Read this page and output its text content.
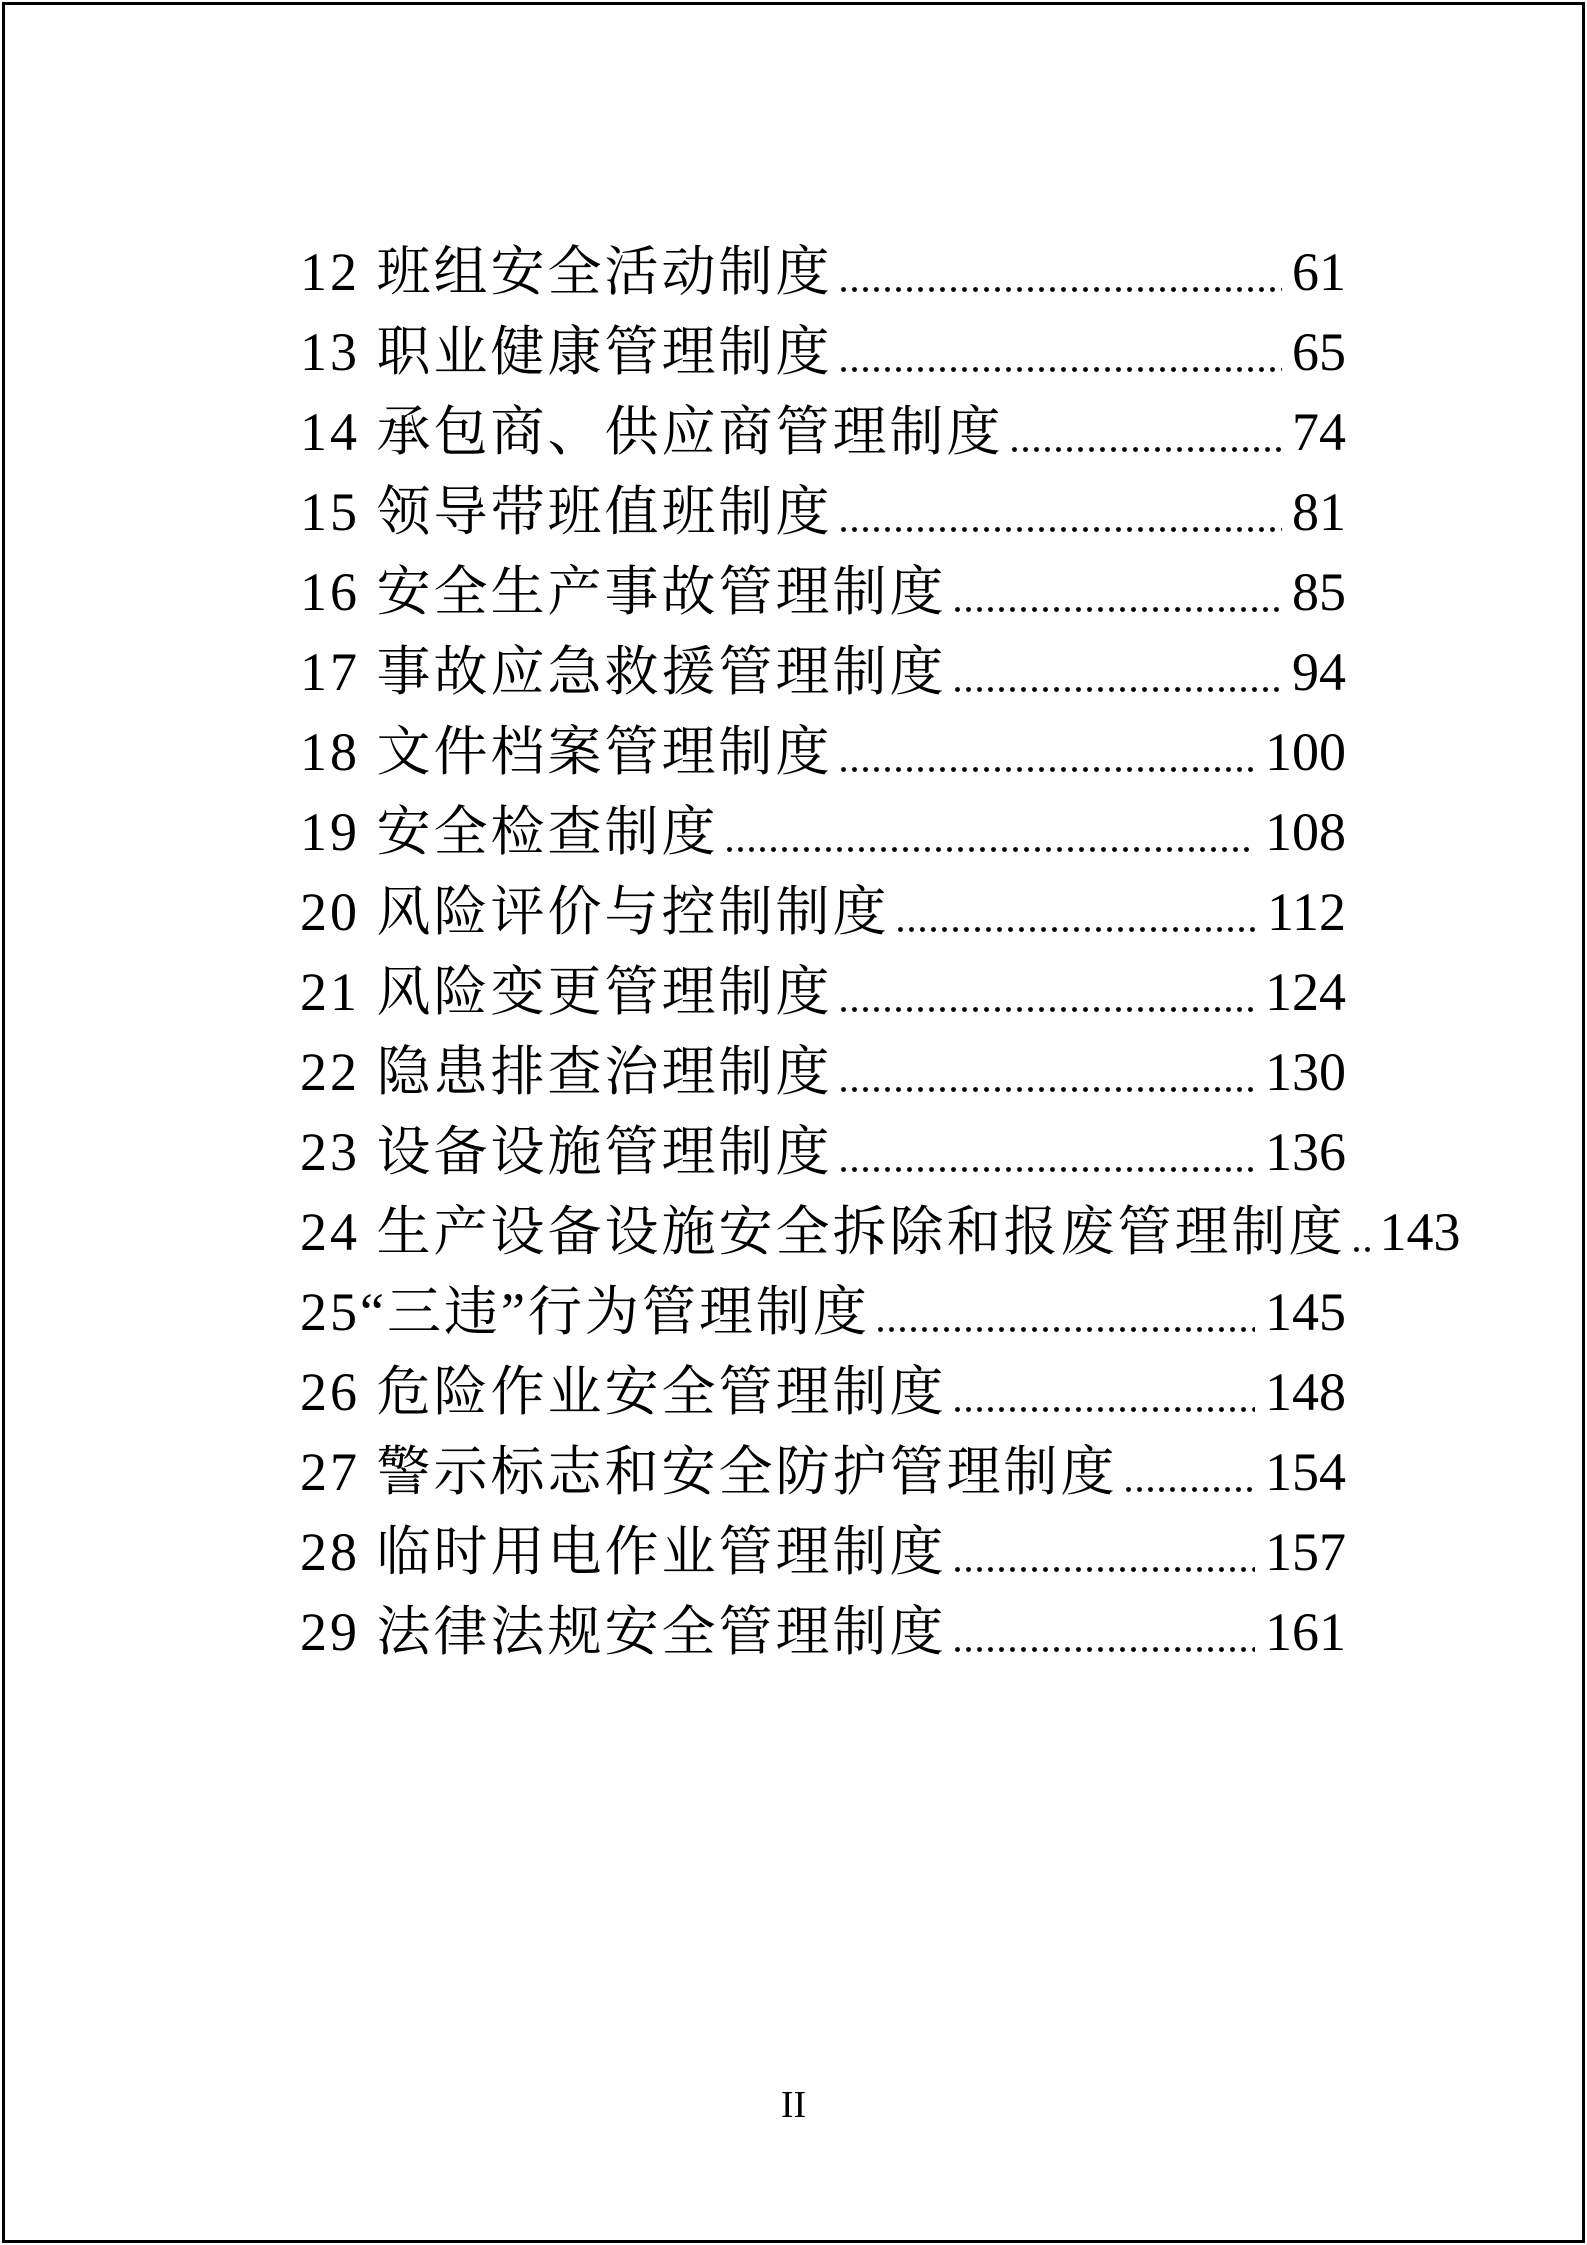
12 班组安全活动制度	61
13 职业健康管理制度	65
14 承包商、供应商管理制度	74
15 领导带班值班制度	81
16 安全生产事故管理制度	85
17 事故应急救援管理制度	94
18 文件档案管理制度	100
19 安全检查制度	108
20 风险评价与控制制度	112
21 风险变更管理制度	124
22 隐患排查治理制度	130
23 设备设施管理制度	136
24 生产设备设施安全拆除和报废管理制度 143
25“三违”行为管理制度	145
26 危险作业安全管理制度	148
27 警示标志和安全防护管理制度	154
28 临时用电作业管理制度	157
29 法律法规安全管理制度	161
II
